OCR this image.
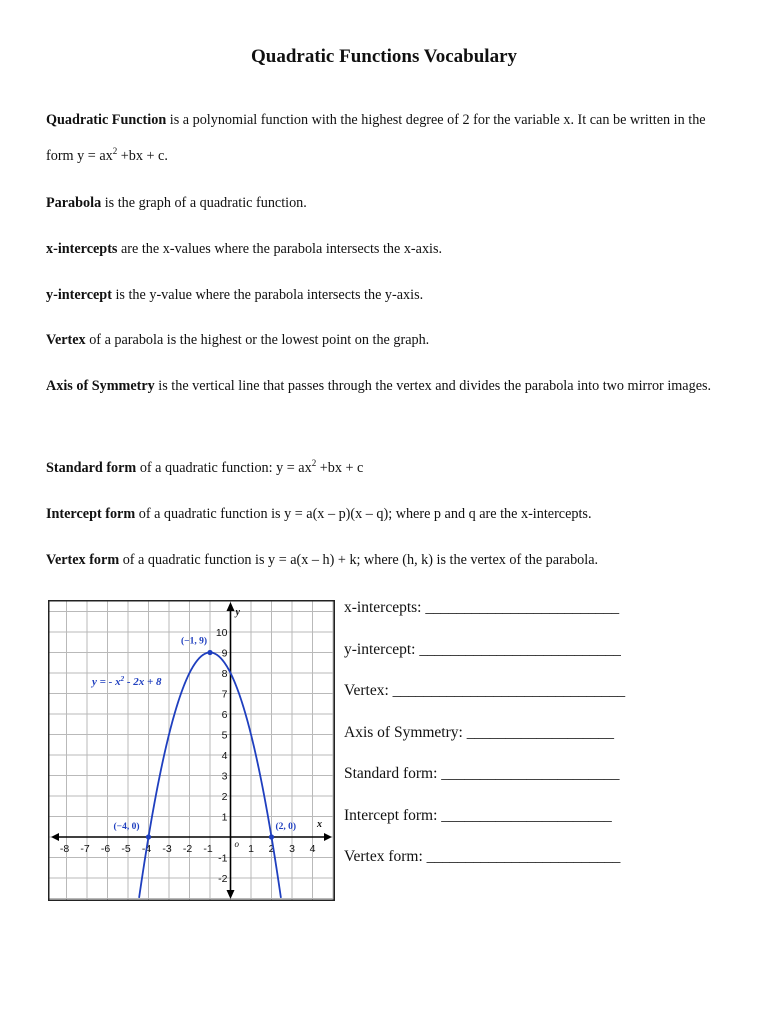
Quadratic Functions Vocabulary
Quadratic Function is a polynomial function with the highest degree of 2 for the variable x. It can be written in the form $y = ax^2 +bx + c$.
Parabola is the graph of a quadratic function.
x-intercepts are the x-values where the parabola intersects the x-axis.
y-intercept is the y-value where the parabola intersects the y-axis.
Vertex of a parabola is the highest or the lowest point on the graph.
Axis of Symmetry is the vertical line that passes through the vertex and divides the parabola into two mirror images.
Standard form of a quadratic function: $y = ax^2 +bx + c$
Intercept form of a quadratic function is y = a(x – p)(x – q); where p and q are the x-intercepts.
Vertex form of a quadratic function is y = a(x – h) + k; where (h, k) is the vertex of the parabola.
-8 -7 -6 -5 -4 -3 -2 -1	1 2 3 4
10
9
8
7
6
5
4
3
2
1
-1
-2
x
y
o
(−1, 9)
(−4, 0)	(2, 0)
y = - $x^2 - 2x + 8$
x-intercepts: _________________________
y-intercept: __________________________
Vertex: ______________________________
Axis of Symmetry: ___________________
Standard form: _______________________
Intercept form: ______________________
Vertex form: _________________________
